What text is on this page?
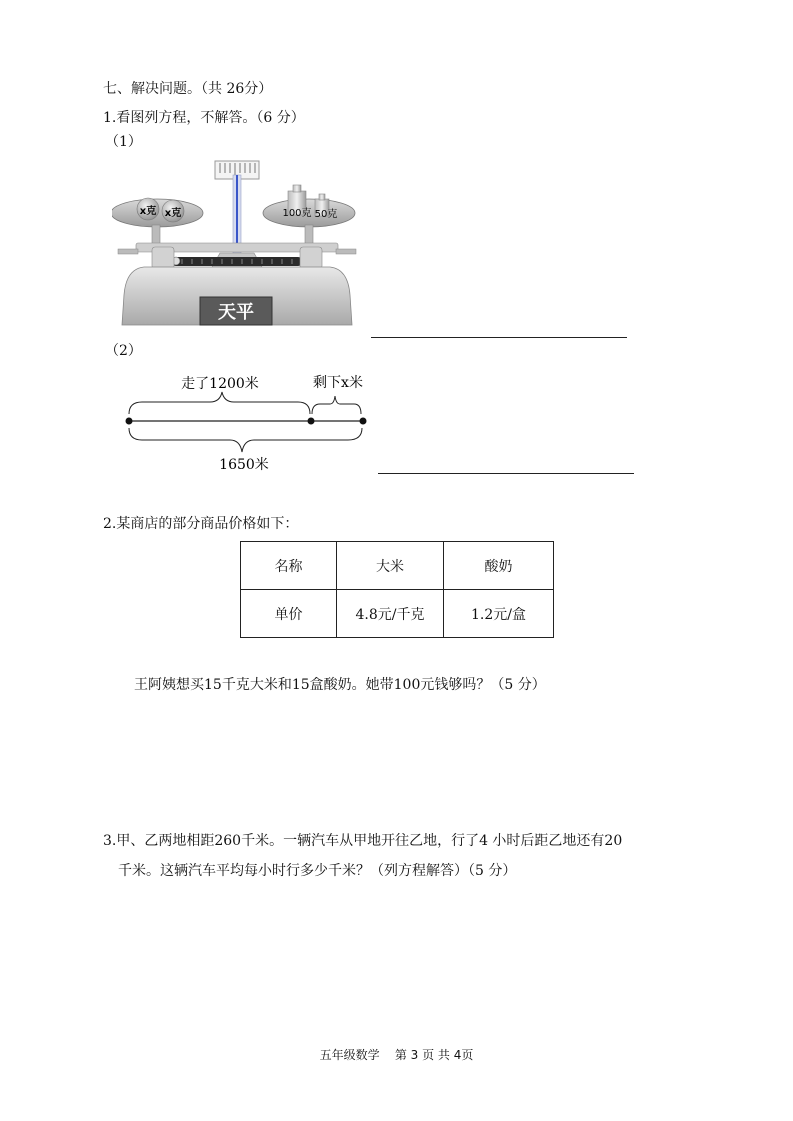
七、解决问题。（共 26分）
1.看图列方程，不解答。（6 分）
（1）
x克 x克	100克 50克
天平
（2）
走了1200米	剩下x米
1650米
2.某商店的部分商品价格如下：
名称	大米	酸奶
单价	4.8元/千克	1.2元/盒
王阿姨想买15千克大米和15盒酸奶。她带100元钱够吗？（5 分）
3.甲、乙两地相距260千米。一辆汽车从甲地开往乙地，行了4 小时后距乙地还有20
千米。这辆汽车平均每小时行多少千米？（列方程解答）（5 分）
五年级数学    第 3 页 共 4页
